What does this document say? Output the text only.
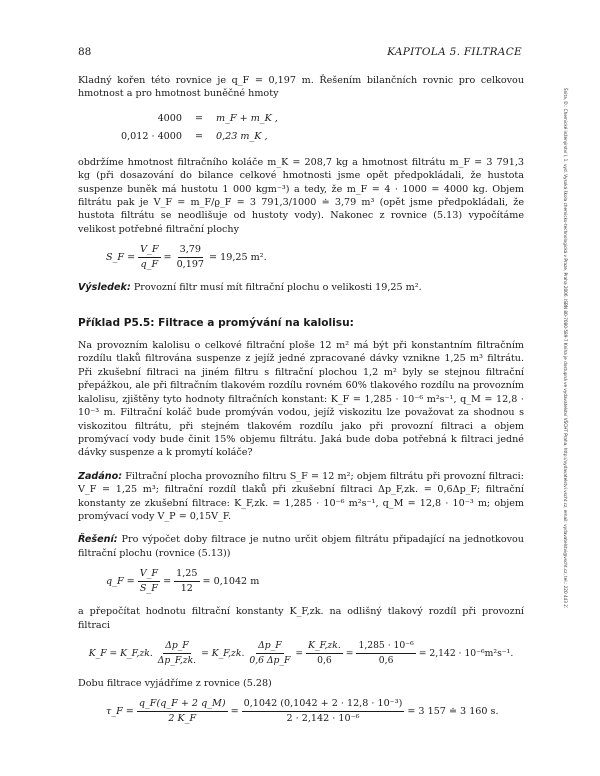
88	KAPITOLA 5. FILTRACE
Šnita, D.: Chemické inženýrství I, 1. vyd. Vysoká škola chemicko-technologická v Praze, Praha 2006. ISBN 80-7080-589-7 Kniha je dostupná ve vydavatelství VŠCHT Praha, http://vydavatelstvi.vscht.cz, email: vydavatelstvi@vscht.cz, tel.: 220 443 211

Kladný kořen této rovnice je q_F = 0,197 m. Řešením bilančních rovnic pro celkovou hmotnost a pro hmotnost buněčné hmoty

4000	=	m_F + m_K ,
0,012 · 4000	=	0,23 m_K ,

obdržíme hmotnost filtračního koláče m_K = 208,7 kg a hmotnost filtrátu m_F = 3 791,3 kg (při dosazování do bilance celkové hmotnosti jsme opět předpokládali, že hustota suspenze buněk má hustotu 1 000 kgm⁻³) a tedy, že m_F = 4 · 1000 = 4000 kg. Objem filtrátu pak je V_F = m_F/ϱ_F = 3 791,3/1000 ≐ 3,79 m³ (opět jsme předpokládali, že hustota filtrátu se neodlišuje od hustoty vody). Nakonec z rovnice (5.13) vypočítáme velikost potřebné filtrační plochy

S_F = $\frac{V\_F}{q\_F} = \frac{3,79}{0,197} = 19,25$ m².

Výsledek: Provozní filtr musí mít filtrační plochu o velikosti 19,25 m².

Příklad P5.5: Filtrace a promývání na kalolisu:

Na provozním kalolisu o celkové filtrační ploše 12 m² má být při konstantním filtračním rozdílu tlaků filtrována suspenze z jejíž jedné zpracované dávky vznikne 1,25 m³ filtrátu. Při zkušební filtraci na jiném filtru s filtrační plochou 1,2 m² byly se stejnou filtrační přepážkou, ale při filtračním tlakovém rozdílu rovném 60% tlakového rozdílu na provozním kalolisu, zjištěny tyto hodnoty filtračních konstant: K_F = 1,285 · 10⁻⁶ m²s⁻¹, q_M = 12,8 · 10⁻³ m. Filtrační koláč bude promýván vodou, jejíž viskozitu lze považovat za shodnou s viskozitou filtrátu, při stejném tlakovém rozdílu jako při provozní filtraci a objem promývací vody bude činit 15% objemu filtrátu. Jaká bude doba potřebná k filtraci jedné dávky suspenze a k promytí koláče?

Zadáno: Filtrační plocha provozního filtru S_F = 12 m²; objem filtrátu při provozní filtraci: V_F = 1,25 m³; filtrační rozdíl tlaků při zkušební filtraci Δp_F,zk. = 0,6Δp_F; filtrační konstanty ze zkušební filtrace: K_F,zk. = 1,285 · 10⁻⁶ m²s⁻¹, q_M = 12,8 · 10⁻³ m; objem promývací vody V_P = 0,15V_F.

Řešení: Pro výpočet doby filtrace je nutno určit objem filtrátu připadající na jednotkovou filtrační plochu (rovnice (5.13))

q_F = $\frac{V\_F}{S\_F} = \frac{1,25}{12} = 0,1042$ m

a přepočítat hodnotu filtrační konstanty K_F,zk. na odlišný tlakový rozdíl při provozní filtraci

K_F = K_F,zk. $\frac{\Delta p\_F}{\Delta p\_F,zk.}$ = K_F,zk. $\frac{\Delta p\_F}{0,6 \Delta p\_F} = \frac{K\_F,zk.}{0,6} = \frac{\text{1,285 · 10⁻⁶}}{0,6} = 2,142 \cdot 10^{-6}m^2s^{-1}$.

Dobu filtrace vyjádříme z rovnice (5.28)

τ_F = $\frac{q\_F(q\_F + 2 q\_M)}{2 K\_F} = \frac{\text{0,1042 (0,1042 + 2 · 12,8 · 10⁻³)}}{\text{2 · 2,142 · 10⁻⁶}} = 3$ 157 ≐ 3 160 s.
